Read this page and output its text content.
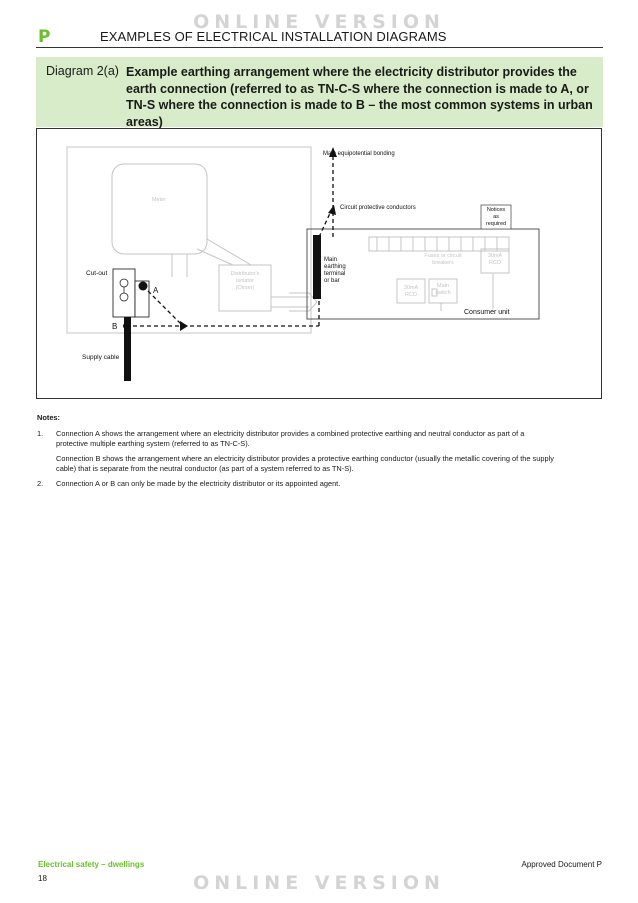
ONLINE VERSION
P	EXAMPLES OF ELECTRICAL INSTALLATION DIAGRAMS
Diagram 2(a) Example earthing arrangement where the electricity distributor provides the earth connection (referred to as TN-C-S where the connection is made to A, or TN-S where the connection is made to B – the most common systems in urban areas)
Meter
Distributor's
isolator
(Oirser)
Fuses or circuit
breakers
30mA
RCD
30mA
RCD
Main
switch
Consumer unit
Notices
as
required
Cut-out
A
Supply cable
B
Main
earthing
terminal
or bar
Main equipotential bonding
Circuit protective conductors
Notes:
1. Connection A shows the arrangement where an electricity distributor provides a combined protective earthing and neutral conductor as part of a protective multiple earthing system (referred to as TN-C-S).

Connection B shows the arrangement where an electricity distributor provides a protective earthing conductor (usually the metallic covering of the supply cable) that is separate from the neutral conductor (as part of a system referred to as TN-S).

2. Connection A or B can only be made by the electricity distributor or its appointed agent.

Electrical safety – dwellings
18
Approved Document P
ONLINE VERSION
